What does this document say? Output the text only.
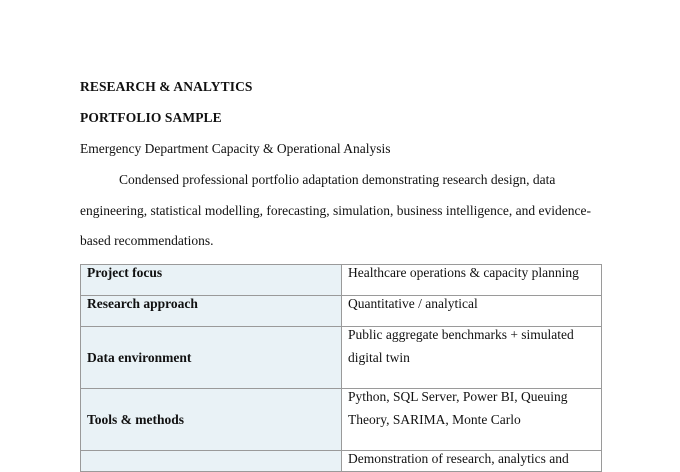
RESEARCH & ANALYTICS
PORTFOLIO SAMPLE
Emergency Department Capacity & Operational Analysis
Condensed professional portfolio adaptation demonstrating research design, data
engineering, statistical modelling, forecasting, simulation, business intelligence, and evidence-
based recommendations.
Project focus	Healthcare operations & capacity planning

Research approach	Quantitative / analytical

Data environment	Public aggregate benchmarks + simulated
digital twin

Tools & methods	Python, SQL Server, Power BI, Queuing
Theory, SARIMA, Monte Carlo

	Demonstration of research, analytics and
